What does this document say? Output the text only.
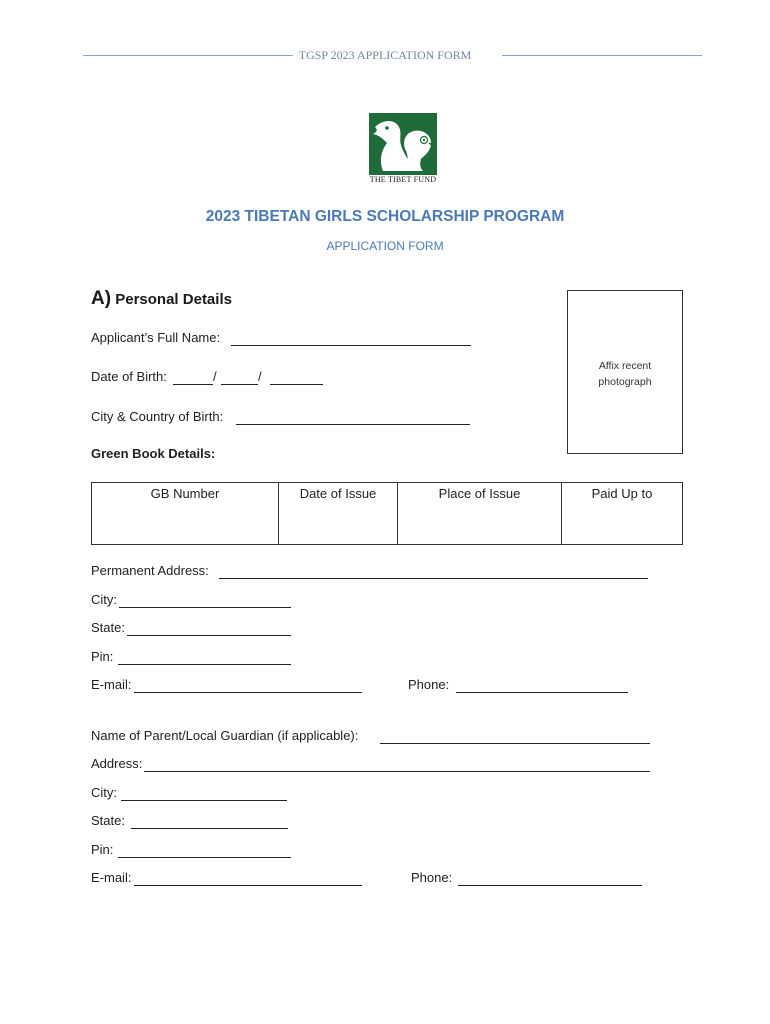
TGSP 2023 APPLICATION FORM
THE TIBET FUND
2023 TIBETAN GIRLS SCHOLARSHIP PROGRAM
APPLICATION FORM
A) Personal Details
Affix recent
photograph
Applicant’s Full Name:
Date of Birth:	/	/
City & Country of Birth:
Green Book Details:
GB Number	Date of Issue	Place of Issue	Paid Up to
Permanent Address:
City:
State:
Pin:
E-mail:	Phone:
Name of Parent/Local Guardian (if applicable):
Address:
City:
State:
Pin:
E-mail:	Phone:
